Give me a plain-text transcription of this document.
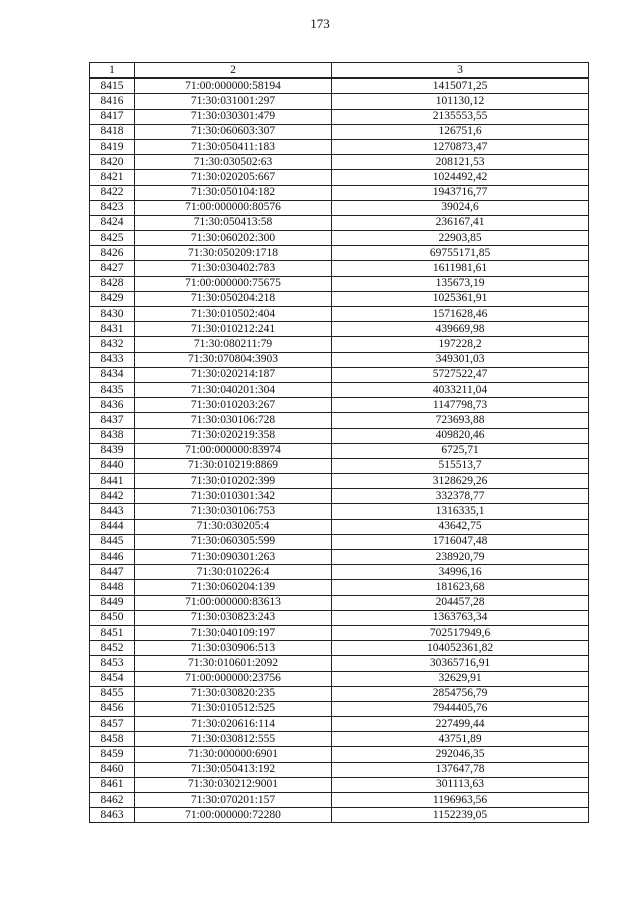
173
1	2	3
8415	71:00:000000:58194	1415071,25
8416	71:30:031001:297	101130,12
8417	71:30:030301:479	2135553,55
8418	71:30:060603:307	126751,6
8419	71:30:050411:183	1270873,47
8420	71:30:030502:63	208121,53
8421	71:30:020205:667	1024492,42
8422	71:30:050104:182	1943716,77
8423	71:00:000000:80576	39024,6
8424	71:30:050413:58	236167,41
8425	71:30:060202:300	22903,85
8426	71:30:050209:1718	69755171,85
8427	71:30:030402:783	1611981,61
8428	71:00:000000:75675	135673,19
8429	71:30:050204:218	1025361,91
8430	71:30:010502:404	1571628,46
8431	71:30:010212:241	439669,98
8432	71:30:080211:79	197228,2
8433	71:30:070804:3903	349301,03
8434	71:30:020214:187	5727522,47
8435	71:30:040201:304	4033211,04
8436	71:30:010203:267	1147798,73
8437	71:30:030106:728	723693,88
8438	71:30:020219:358	409820,46
8439	71:00:000000:83974	6725,71
8440	71:30:010219:8869	515513,7
8441	71:30:010202:399	3128629,26
8442	71:30:010301:342	332378,77
8443	71:30:030106:753	1316335,1
8444	71:30:030205:4	43642,75
8445	71:30:060305:599	1716047,48
8446	71:30:090301:263	238920,79
8447	71:30:010226:4	34996,16
8448	71:30:060204:139	181623,68
8449	71:00:000000:83613	204457,28
8450	71:30:030823:243	1363763,34
8451	71:30:040109:197	702517949,6
8452	71:30:030906:513	104052361,82
8453	71:30:010601:2092	30365716,91
8454	71:00:000000:23756	32629,91
8455	71:30:030820:235	2854756,79
8456	71:30:010512:525	7944405,76
8457	71:30:020616:114	227499,44
8458	71:30:030812:555	43751,89
8459	71:30:000000:6901	292046,35
8460	71:30:050413:192	137647,78
8461	71:30:030212:9001	301113,63
8462	71:30:070201:157	1196963,56
8463	71:00:000000:72280	1152239,05
